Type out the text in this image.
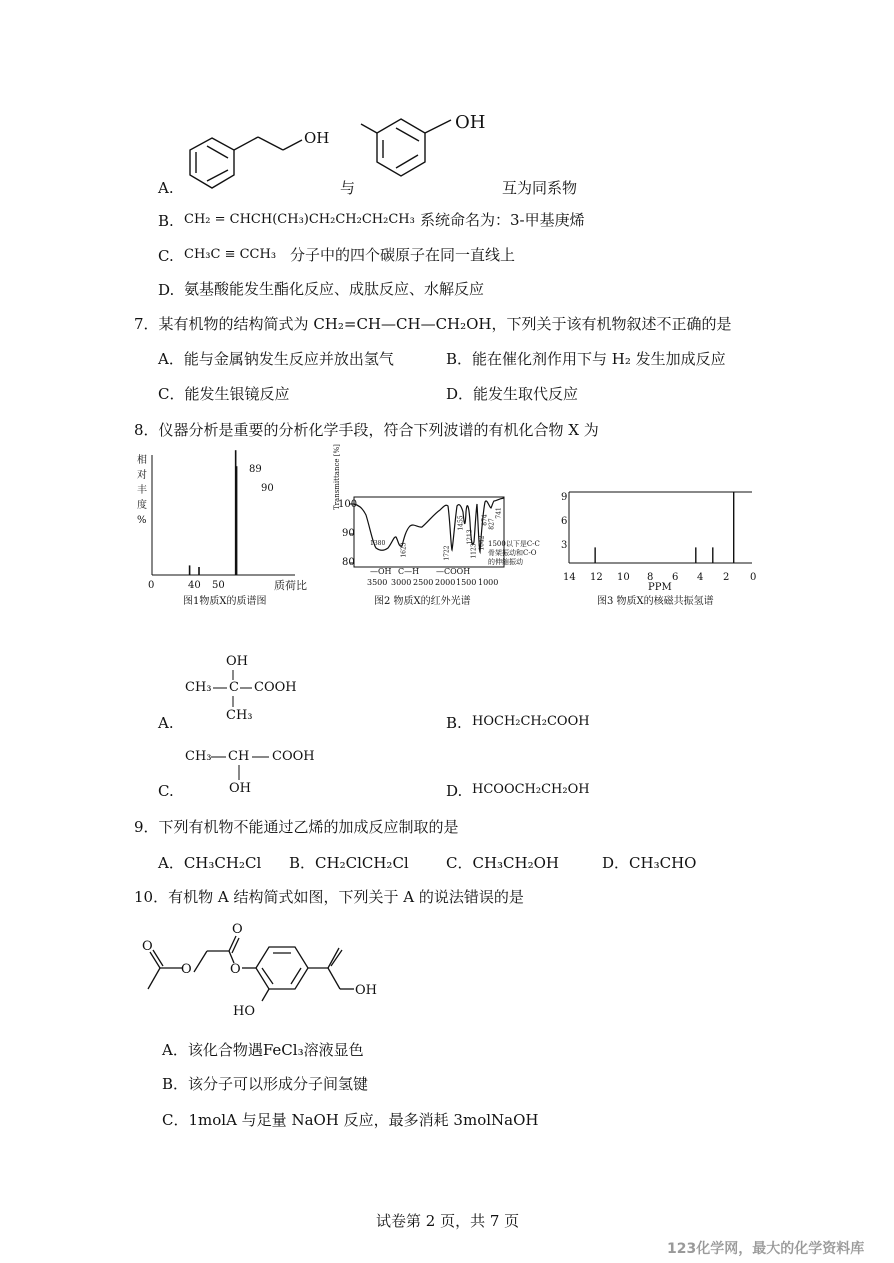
A.
OH
OH
与	互为同系物
B. CH₂ = CHCH(CH₃)CH₂CH₂CH₂CH₃ 系统命名为：3-甲基庚烯
C. CH₃C ≡ CCH₃ 分子中的四个碳原子在同一直线上
D. 氨基酸能发生酯化反应、成肽反应、水解反应
7．某有机物的结构简式为 CH₂=CH—CH—CH₂OH，下列关于该有机物叙述不正确的是
A．能与金属钠发生反应并放出氢气	B．能在催化剂作用下与 H₂ 发生加成反应
C．能发生银镜反应	D．能发生取代反应
8．仪器分析是重要的分析化学手段，符合下列波谱的有机化合物 X 为
相
对
丰
度
%
0	40 50	质荷比
89
90
图1物质X的质谱图
Transmittance [%]
100
90
80
1380	1623	1722
1455
1213
1123
1042
874 827
741
—OH C—H —COOH
1500以下是C-C
骨架振动和C-O
的伸缩振动
3500 3000 2500 2000 1500 1000
图2 物质X的红外光谱
9
6
3
14 12 10 8 6 4 2 0
PPM
图3 物质X的核磁共振氢谱
A.
OH
CH₃ C COOH
CH₃	B. HOCH₂CH₂COOH
C.
CH₃ CH COOH
OH	D. HCOOCH₂CH₂OH
9．下列有机物不能通过乙烯的加成反应制取的是
A．CH₃CH₂Cl B．CH₂ClCH₂Cl C．CH₃CH₂OH	D．CH₃CHO
10．有机物 A 结构简式如图，下列关于 A 的说法错误的是
O
O
O
O
HO
OH
A．该化合物遇FeCl₃溶液显色
B．该分子可以形成分子间氢键
C．1molA 与足量 NaOH 反应，最多消耗 3molNaOH
试卷第 2 页，共 7 页
123化学网，最大的化学资料库
